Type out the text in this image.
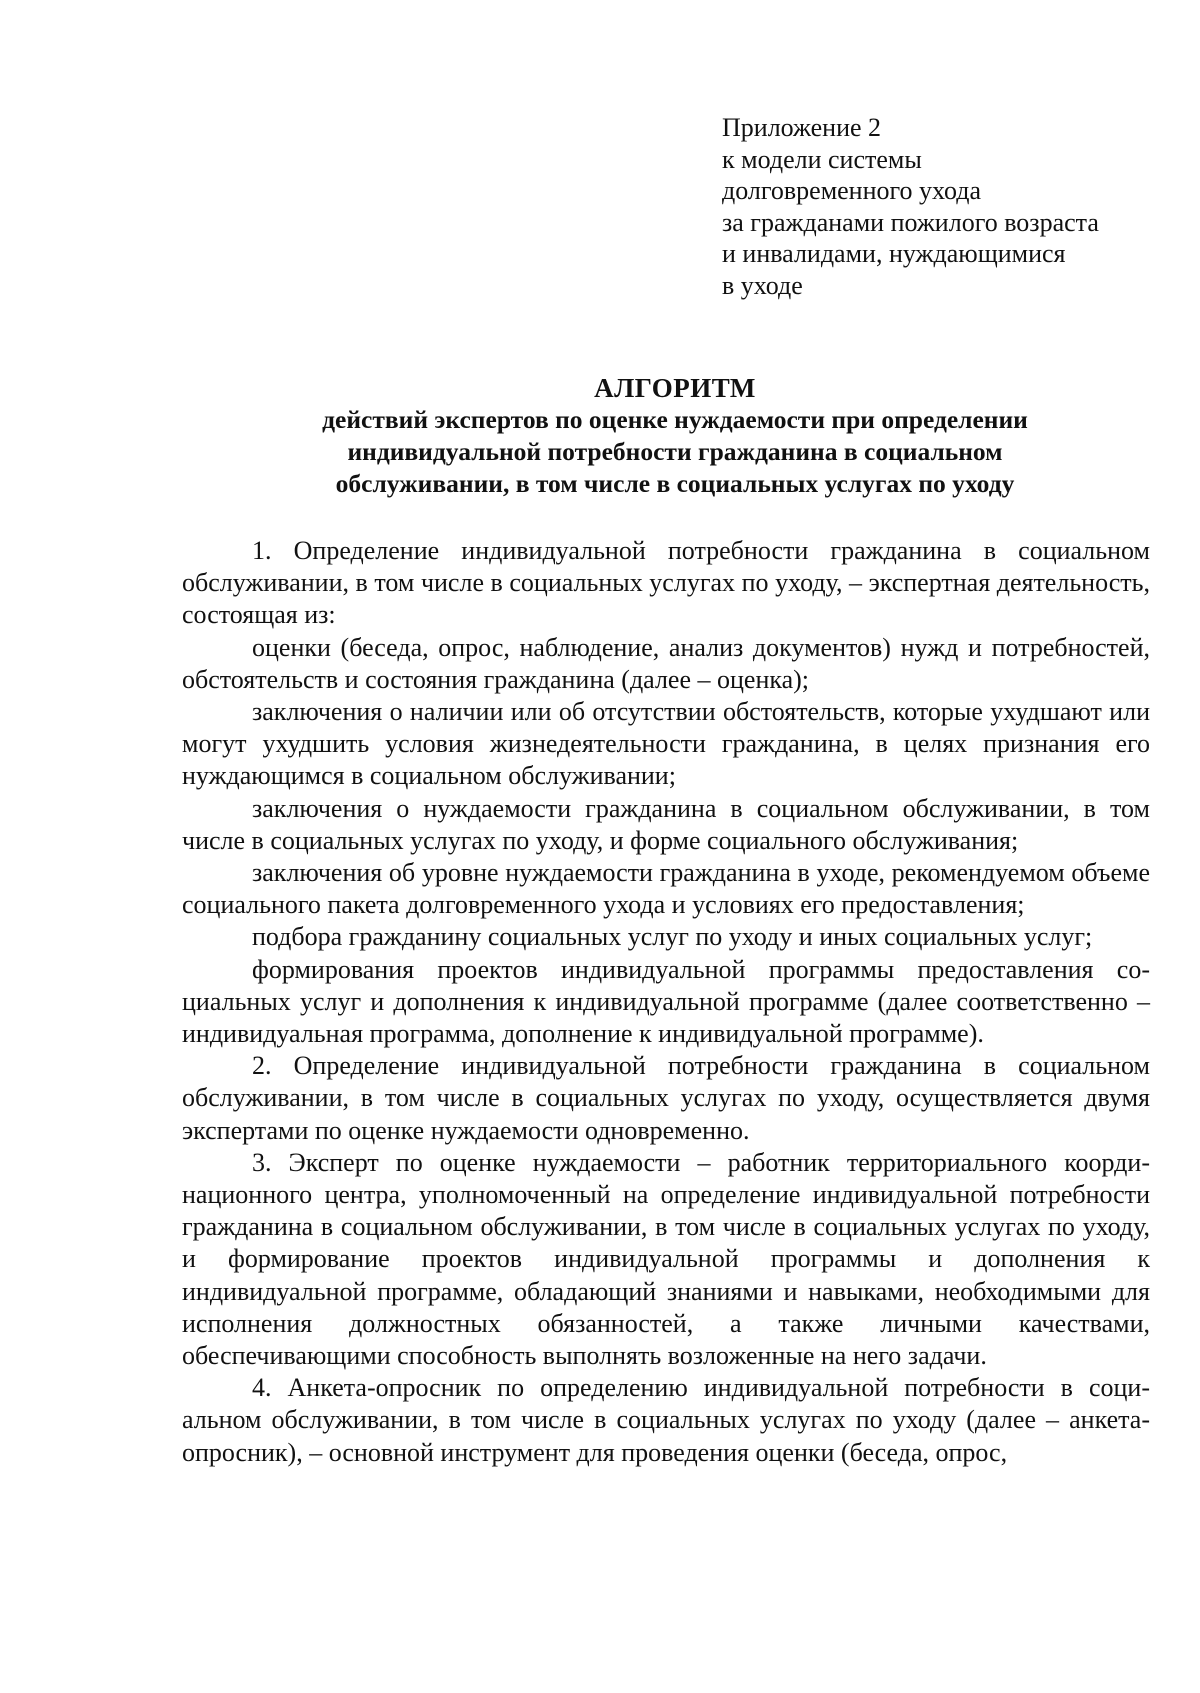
Приложение 2
к модели системы
долговременного ухода
за гражданами пожилого возраста
и инвалидами, нуждающимися
в уходе
АЛГОРИТМ
действий экспертов по оценке нуждаемости при определении
индивидуальной потребности гражданина в социальном
обслуживании, в том числе в социальных услугах по уходу

1. Определение индивидуальной потребности гражданина в социальном обслуживании, в том числе в социальных услугах по уходу, – экспертная деятельность, состоящая из:

оценки (беседа, опрос, наблюдение, анализ документов) нужд и потребностей, обстоятельств и состояния гражданина (далее – оценка);

заключения о наличии или об отсутствии обстоятельств, которые ухудшают или могут ухудшить условия жизнедеятельности гражданина, в целях признания его нуждающимся в социальном обслуживании;

заключения о нуждаемости гражданина в социальном обслуживании, в том числе в социальных услугах по уходу, и форме социального обслуживания;

заключения об уровне нуждаемости гражданина в уходе, рекомендуемом объеме социального пакета долговременного ухода и условиях его предоставления;

подбора гражданину социальных услуг по уходу и иных социальных услуг;

формирования проектов индивидуальной программы предоставления социальных услуг и дополнения к индивидуальной программе (далее соответственно – индивидуальная программа, дополнение к индивидуальной программе).

2. Определение индивидуальной потребности гражданина в социальном обслуживании, в том числе в социальных услугах по уходу, осуществляется двумя экспертами по оценке нуждаемости одновременно.

3. Эксперт по оценке нуждаемости – работник территориального координационного центра, уполномоченный на определение индивидуальной потребности гражданина в социальном обслуживании, в том числе в социальных услугах по уходу, и формирование проектов индивидуальной программы и дополнения к индивидуальной программе, обладающий знаниями и навыками, необходимыми для исполнения должностных обязанностей, а также личными качествами, обеспечивающими способность выполнять возложенные на него задачи.

4. Анкета-опросник по определению индивидуальной потребности в социальном обслуживании, в том числе в социальных услугах по уходу (далее – анкета-опросник), – основной инструмент для проведения оценки (беседа, опрос,
